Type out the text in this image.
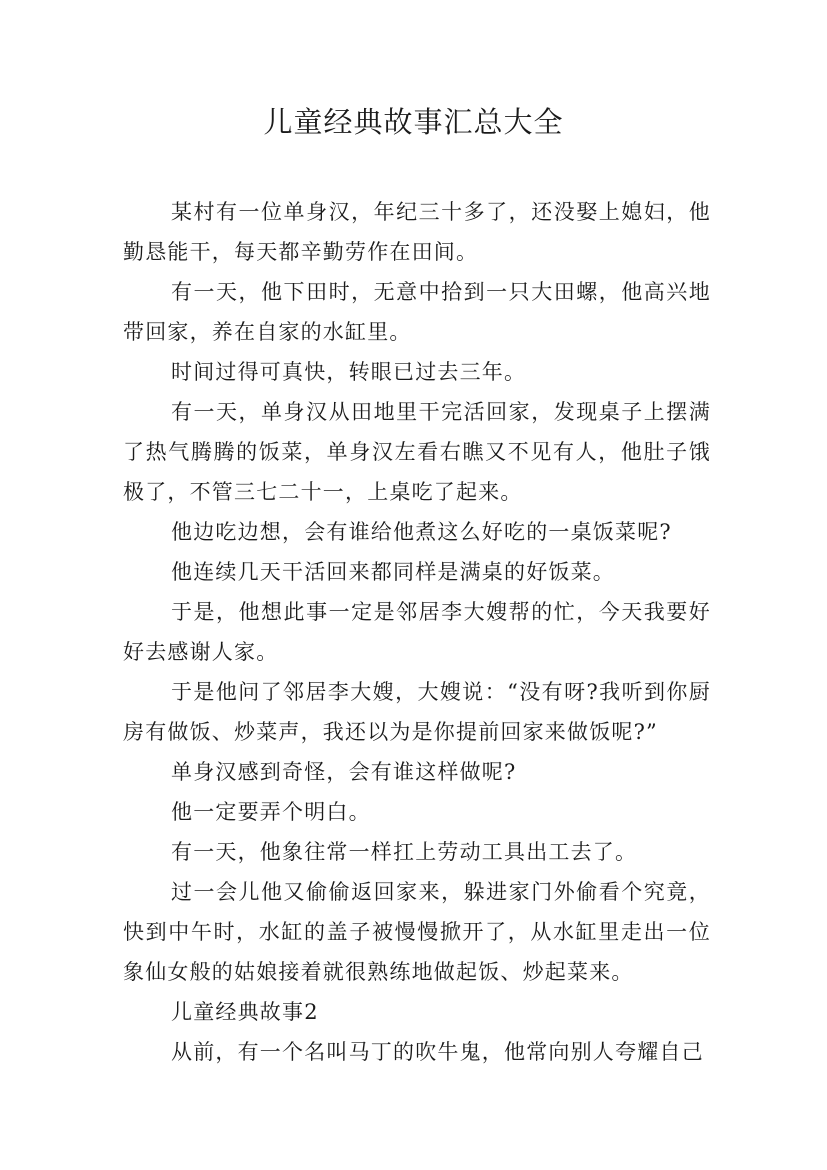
儿童经典故事汇总大全

某村有一位单身汉，年纪三十多了，还没娶上媳妇，他勤恳能干，每天都辛勤劳作在田间。

有一天，他下田时，无意中拾到一只大田螺，他高兴地带回家，养在自家的水缸里。

时间过得可真快，转眼已过去三年。

有一天，单身汉从田地里干完活回家，发现桌子上摆满了热气腾腾的饭菜，单身汉左看右瞧又不见有人，他肚子饿极了，不管三七二十一，上桌吃了起来。

他边吃边想，会有谁给他煮这么好吃的一桌饭菜呢?

他连续几天干活回来都同样是满桌的好饭菜。

于是，他想此事一定是邻居李大嫂帮的忙，今天我要好好去感谢人家。

于是他问了邻居李大嫂，大嫂说：“没有呀?我听到你厨房有做饭、炒菜声，我还以为是你提前回家来做饭呢?”

单身汉感到奇怪，会有谁这样做呢?

他一定要弄个明白。

有一天，他象往常一样扛上劳动工具出工去了。

过一会儿他又偷偷返回家来，躲进家门外偷看个究竟，快到中午时，水缸的盖子被慢慢掀开了，从水缸里走出一位象仙女般的姑娘接着就很熟练地做起饭、炒起菜来。

儿童经典故事2

从前，有一个名叫马丁的吹牛鬼，他常向别人夸耀自己
